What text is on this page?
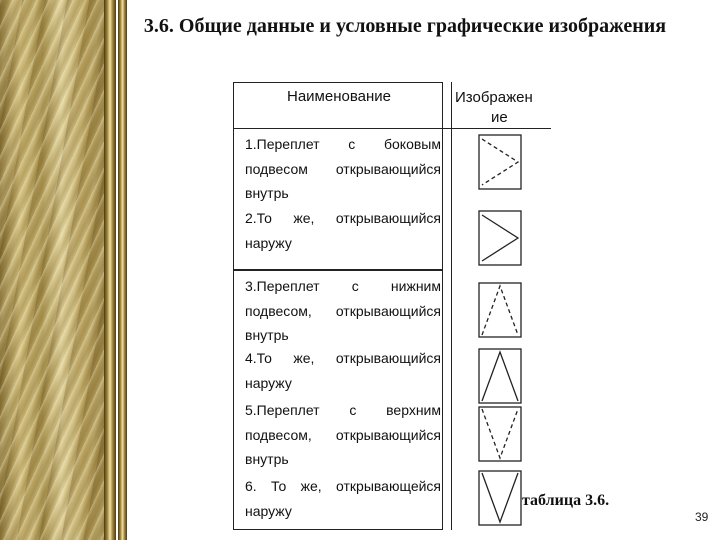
3.6. Общие данные и условные графические изображения
Наименование	Изображен
ие
1.Переплет с боковым подвесом открывающийся внутрь
2.То же, открывающийся наружу
3.Переплет с нижним подвесом, открывающийся внутрь
4.То же, открывающийся наружу
5.Переплет с верхним подвесом, открывающийся внутрь
6. То же, открывающейся наружу
таблица 3.6.
39
